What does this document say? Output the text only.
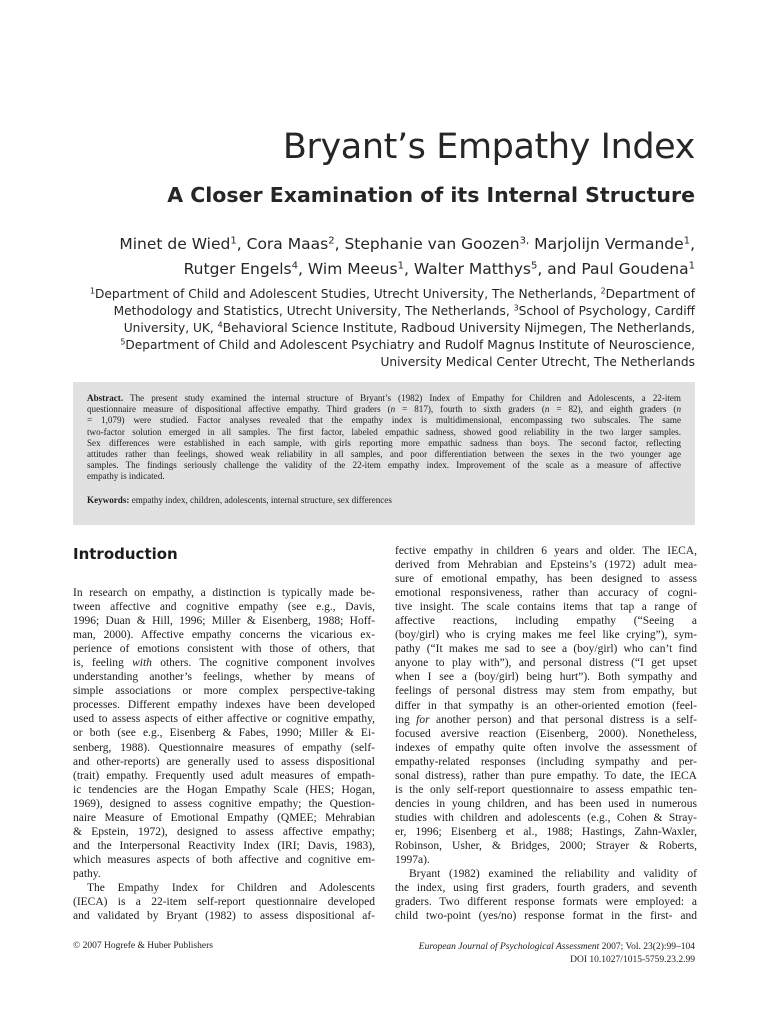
Bryant’s Empathy Index
A Closer Examination of its Internal Structure
Minet de Wied$^1$, Cora Maas$^2$, Stephanie van Goozen$^{3,}$ Marjolijn Vermande$^1$,
Rutger Engels$^4$, Wim Meeus$^1$, Walter Matthys$^5$, and Paul Goudena$^1$
$^1$Department of Child and Adolescent Studies, Utrecht University, The Netherlands, $^2$Department of
Methodology and Statistics, Utrecht University, The Netherlands, $^3$School of Psychology, Cardiff
University, UK, $^4$Behavioral Science Institute, Radboud University Nijmegen, The Netherlands,
$^5$Department of Child and Adolescent Psychiatry and Rudolf Magnus Institute of Neuroscience,
University Medical Center Utrecht, The Netherlands
Abstract. The present study examined the internal structure of Bryant’s (1982) Index of Empathy for Children and Adolescents, a 22-item
questionnaire measure of dispositional affective empathy. Third graders (n = 817), fourth to sixth graders (n = 82), and eighth graders (n
= 1,079) were studied. Factor analyses revealed that the empathy index is multidimensional, encompassing two subscales. The same
two-factor solution emerged in all samples. The first factor, labeled empathic sadness, showed good reliability in the two larger samples.
Sex differences were established in each sample, with girls reporting more empathic sadness than boys. The second factor, reflecting
attitudes rather than feelings, showed weak reliability in all samples, and poor differentiation between the sexes in the two younger age
samples. The findings seriously challenge the validity of the 22-item empathy index. Improvement of the scale as a measure of affective
empathy is indicated.
Keywords: empathy index, children, adolescents, internal structure, sex differences
Introduction
In research on empathy, a distinction is typically made be-
tween affective and cognitive empathy (see e.g., Davis,
1996; Duan & Hill, 1996; Miller & Eisenberg, 1988; Hoff-
man, 2000). Affective empathy concerns the vicarious ex-
perience of emotions consistent with those of others, that
is, feeling with others. The cognitive component involves
understanding another’s feelings, whether by means of
simple associations or more complex perspective-taking
processes. Different empathy indexes have been developed
used to assess aspects of either affective or cognitive empathy,
or both (see e.g., Eisenberg & Fabes, 1990; Miller & Ei-
senberg, 1988). Questionnaire measures of empathy (self-
and other-reports) are generally used to assess dispositional
(trait) empathy. Frequently used adult measures of empath-
ic tendencies are the Hogan Empathy Scale (HES; Hogan,
1969), designed to assess cognitive empathy; the Question-
naire Measure of Emotional Empathy (QMEE; Mehrabian
& Epstein, 1972), designed to assess affective empathy;
and the Interpersonal Reactivity Index (IRI; Davis, 1983),
which measures aspects of both affective and cognitive em-
pathy.
The Empathy Index for Children and Adolescents
(IECA) is a 22-item self-report questionnaire developed
and validated by Bryant (1982) to assess dispositional af-
fective empathy in children 6 years and older. The IECA,
derived from Mehrabian and Epsteins’s (1972) adult mea-
sure of emotional empathy, has been designed to assess
emotional responsiveness, rather than accuracy of cogni-
tive insight. The scale contains items that tap a range of
affective reactions, including empathy (“Seeing a
(boy/girl) who is crying makes me feel like crying”), sym-
pathy (“It makes me sad to see a (boy/girl) who can’t find
anyone to play with”), and personal distress (“I get upset
when I see a (boy/girl) being hurt”). Both sympathy and
feelings of personal distress may stem from empathy, but
differ in that sympathy is an other-oriented emotion (feel-
ing for another person) and that personal distress is a self-
focused aversive reaction (Eisenberg, 2000). Nonetheless,
indexes of empathy quite often involve the assessment of
empathy-related responses (including sympathy and per-
sonal distress), rather than pure empathy. To date, the IECA
is the only self-report questionnaire to assess empathic ten-
dencies in young children, and has been used in numerous
studies with children and adolescents (e.g., Cohen & Stray-
er, 1996; Eisenberg et al., 1988; Hastings, Zahn-Waxler,
Robinson, Usher, & Bridges, 2000; Strayer & Roberts,
1997a).
Bryant (1982) examined the reliability and validity of
the index, using first graders, fourth graders, and seventh
graders. Two different response formats were employed: a
child two-point (yes/no) response format in the first- and
© 2007 Hogrefe & Huber Publishers	European Journal of Psychological Assessment 2007; Vol. 23(2):99–104
DOI 10.1027/1015-5759.23.2.99
